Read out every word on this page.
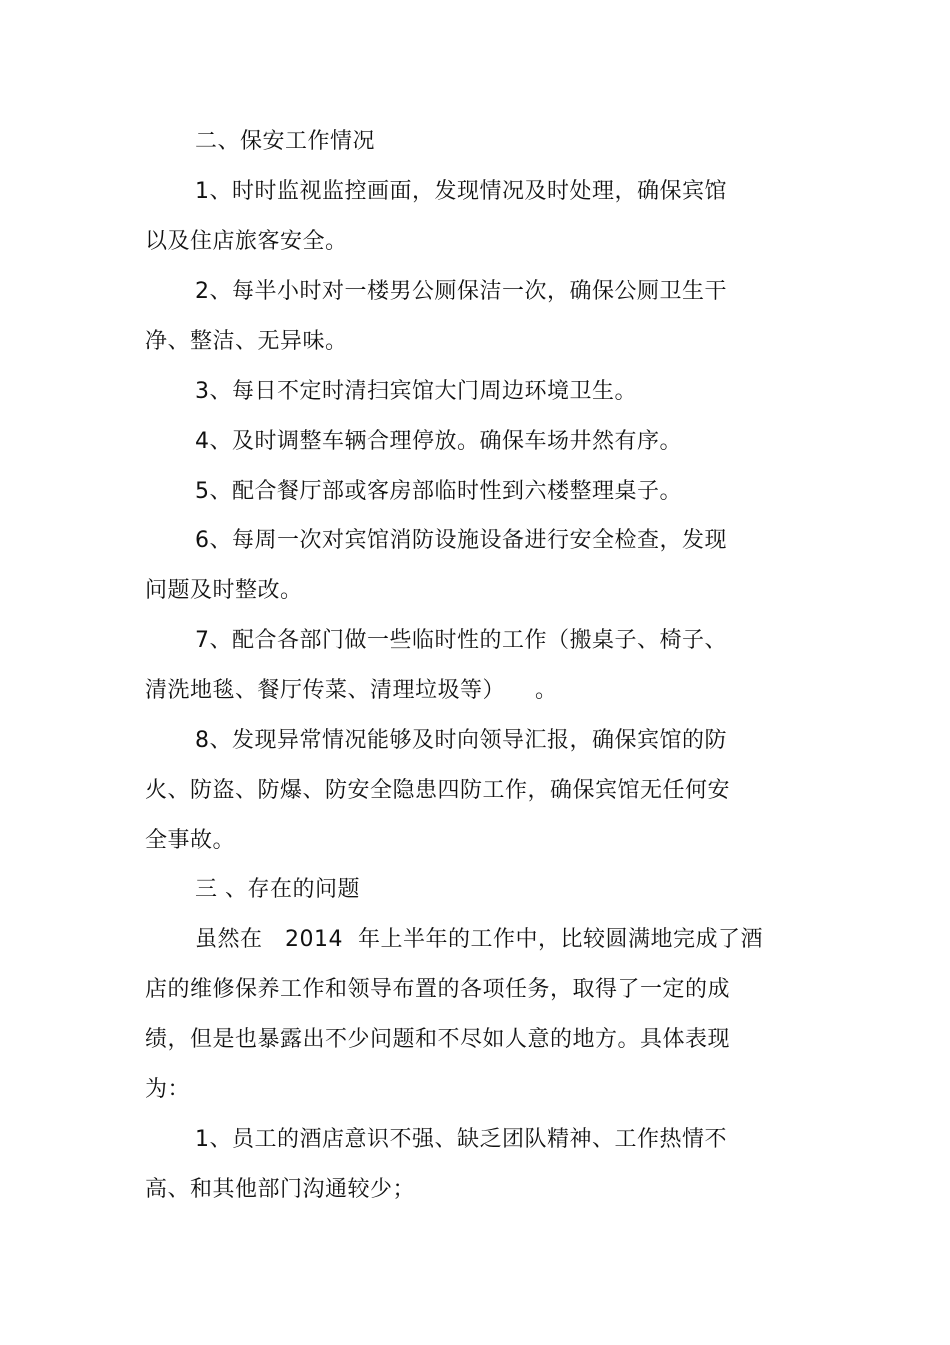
二、保安工作情况
1、时时监视监控画面，发现情况及时处理，确保宾馆
以及住店旅客安全。
2、每半小时对一楼男公厕保洁一次，确保公厕卫生干
净、整洁、无异味。
3、每日不定时清扫宾馆大门周边环境卫生。
4、及时调整车辆合理停放。确保车场井然有序。
5、配合餐厅部或客房部临时性到六楼整理桌子。
6、每周一次对宾馆消防设施设备进行安全检查，发现
问题及时整改。
7、配合各部门做一些临时性的工作（搬桌子、椅子、
清洗地毯、餐厅传菜、清理垃圾等）    。
8、发现异常情况能够及时向领导汇报，确保宾馆的防
火、防盗、防爆、防安全隐患四防工作，确保宾馆无任何安
全事故。
三 、存在的问题
虽然在   2014  年上半年的工作中，比较圆满地完成了酒
店的维修保养工作和领导布置的各项任务，取得了一定的成
绩，但是也暴露出不少问题和不尽如人意的地方。具体表现
为：
1、员工的酒店意识不强、缺乏团队精神、工作热情不
高、和其他部门沟通较少；
